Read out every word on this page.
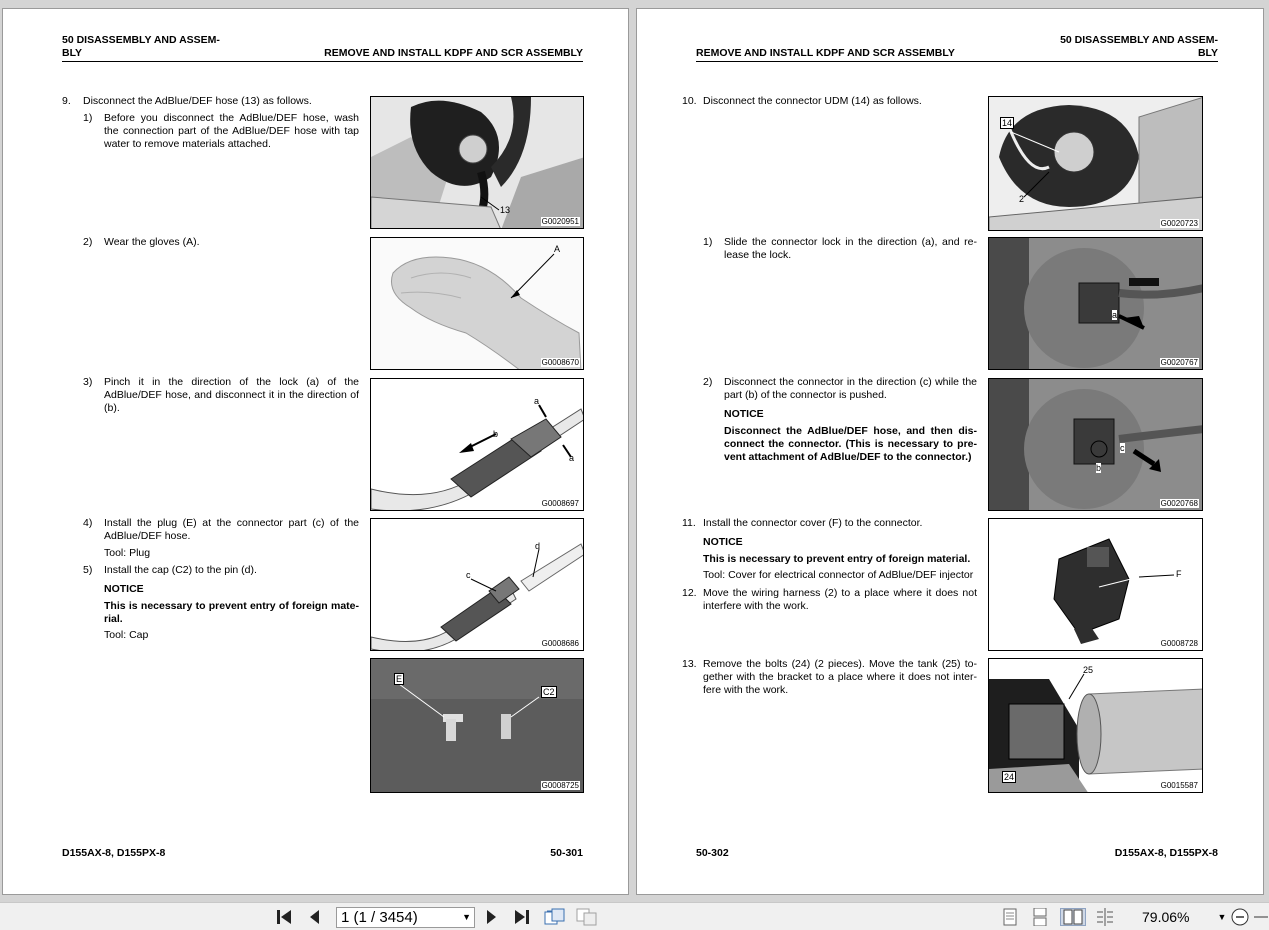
50 DISASSEMBLY AND ASSEM-
BLY	REMOVE AND INSTALL KDPF AND SCR ASSEMBLY
9. Disconnect the AdBlue/DEF hose (13) as follows.
1) Before you disconnect the AdBlue/DEF hose, wash the connection part of the AdBlue/DEF hose with tap water to remove materials attached.
2) Wear the gloves (A).
3) Pinch it in the direction of the lock (a) of the AdBlue/DEF hose, and disconnect it in the direction of (b).
4) Install the plug (E) at the connector part (c) of the AdBlue/DEF hose.
Tool: Plug
5) Install the cap (C2) to the pin (d).
NOTICE
This is necessary to prevent entry of foreign mate-rial.
Tool: Cap
13
G0020951
A
G0008670
a
b
a
G0008697
c
d
G0008686
E
C2
G0008725
D155AX-8, D155PX-8	50-301
50 DISASSEMBLY AND ASSEM-
BLY
REMOVE AND INSTALL KDPF AND SCR ASSEMBLY
10. Disconnect the connector UDM (14) as follows.
1) Slide the connector lock in the direction (a), and re-lease the lock.
2) Disconnect the connector in the direction (c) while the part (b) of the connector is pushed.
NOTICE
Disconnect the AdBlue/DEF hose, and then dis-connect the connector. (This is necessary to pre-vent attachment of AdBlue/DEF to the connector.)
11. Install the connector cover (F) to the connector.
NOTICE
This is necessary to prevent entry of foreign material.
Tool: Cover for electrical connector of AdBlue/DEF injector
12. Move the wiring harness (2) to a place where it does not interfere with the work.
13. Remove the bolts (24) (2 pieces). Move the tank (25) to-gether with the bracket to a place where it does not inter-fere with the work.
14
2
G0020723
a
G0020767
c
b
G0020768
F
G0008728
25
24
G0015587
50-302	D155AX-8, D155PX-8
1 (1 / 3454)	▼	79.06%	▼
